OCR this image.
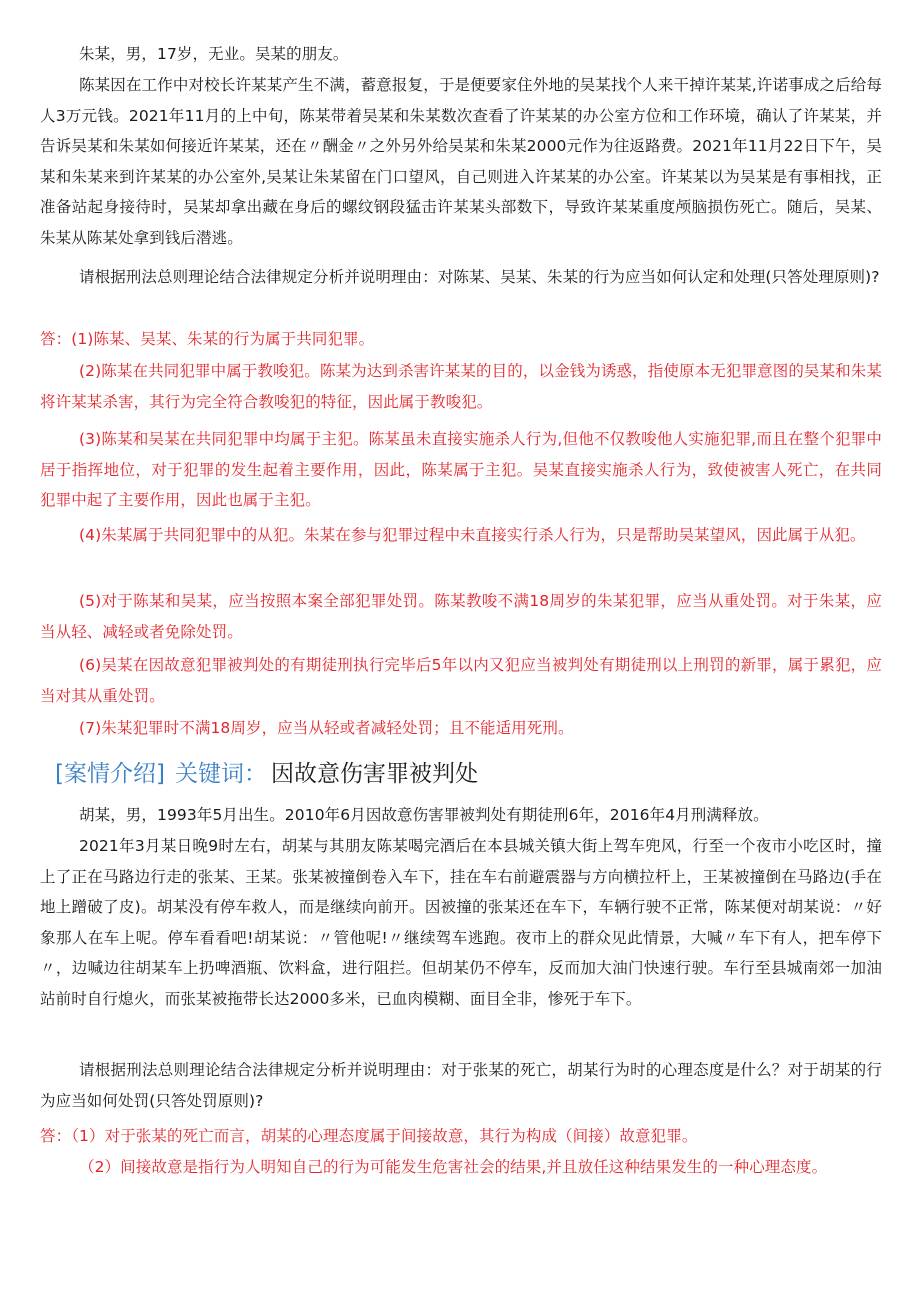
朱某，男，17岁，无业。吴某的朋友。

陈某因在工作中对校长许某某产生不满，蓄意报复，于是便要家住外地的吴某找个人来干掉许某某,许诺事成之后给每人3万元钱。2021年11月的上中旬，陈某带着吴某和朱某数次查看了许某某的办公室方位和工作环境，确认了许某某，并告诉吴某和朱某如何接近许某某，还在〃酬金〃之外另外给吴某和朱某2000元作为往返路费。2021年11月22日下午，吴某和朱某来到许某某的办公室外,吴某让朱某留在门口望风，自己则进入许某某的办公室。许某某以为吴某是有事相找，正准备站起身接待时，吴某却拿出藏在身后的螺纹钢段猛击许某某头部数下，导致许某某重度颅脑损伤死亡。随后，吴某、朱某从陈某处拿到钱后潜逃。

请根据刑法总则理论结合法律规定分析并说明理由：对陈某、吴某、朱某的行为应当如何认定和处理(只答处理原则)?

答：(1)陈某、吴某、朱某的行为属于共同犯罪。

(2)陈某在共同犯罪中属于教唆犯。陈某为达到杀害许某某的目的，以金钱为诱惑，指使原本无犯罪意图的吴某和朱某将许某某杀害，其行为完全符合教唆犯的特征，因此属于教唆犯。

(3)陈某和吴某在共同犯罪中均属于主犯。陈某虽未直接实施杀人行为,但他不仅教唆他人实施犯罪,而且在整个犯罪中居于指挥地位，对于犯罪的发生起着主要作用，因此，陈某属于主犯。吴某直接实施杀人行为，致使被害人死亡，在共同犯罪中起了主要作用，因此也属于主犯。

(4)朱某属于共同犯罪中的从犯。朱某在参与犯罪过程中未直接实行杀人行为，只是帮助吴某望风，因此属于从犯。

(5)对于陈某和吴某，应当按照本案全部犯罪处罚。陈某教唆不满18周岁的朱某犯罪，应当从重处罚。对于朱某，应当从轻、减轻或者免除处罚。

(6)吴某在因故意犯罪被判处的有期徒刑执行完毕后5年以内又犯应当被判处有期徒刑以上刑罚的新罪，属于累犯，应当对其从重处罚。

(7)朱某犯罪时不满18周岁，应当从轻或者减轻处罚；且不能适用死刑。

[案情介绍] 关键词： 因故意伤害罪被判处

胡某，男，1993年5月出生。2010年6月因故意伤害罪被判处有期徒刑6年，2016年4月刑满释放。

2021年3月某日晚9时左右，胡某与其朋友陈某喝完酒后在本县城关镇大街上驾车兜风，行至一个夜市小吃区时，撞上了正在马路边行走的张某、王某。张某被撞倒卷入车下，挂在车右前避震器与方向横拉杆上，王某被撞倒在马路边(手在地上蹭破了皮)。胡某没有停车救人，而是继续向前开。因被撞的张某还在车下，车辆行驶不正常，陈某便对胡某说：〃好象那人在车上呢。停车看看吧!胡某说：〃管他呢!〃继续驾车逃跑。夜市上的群众见此情景，大喊〃车下有人，把车停下〃，边喊边往胡某车上扔啤酒瓶、饮料盒，进行阻拦。但胡某仍不停车，反而加大油门快速行驶。车行至县城南郊一加油站前时自行熄火，而张某被拖带长达2000多米，已血肉模糊、面目全非，惨死于车下。

请根据刑法总则理论结合法律规定分析并说明理由：对于张某的死亡，胡某行为时的心理态度是什么？对于胡某的行为应当如何处罚(只答处罚原则)?

答：（1）对于张某的死亡而言，胡某的心理态度属于间接故意，其行为构成（间接）故意犯罪。

（2）间接故意是指行为人明知自己的行为可能发生危害社会的结果,并且放任这种结果发生的一种心理态度。
